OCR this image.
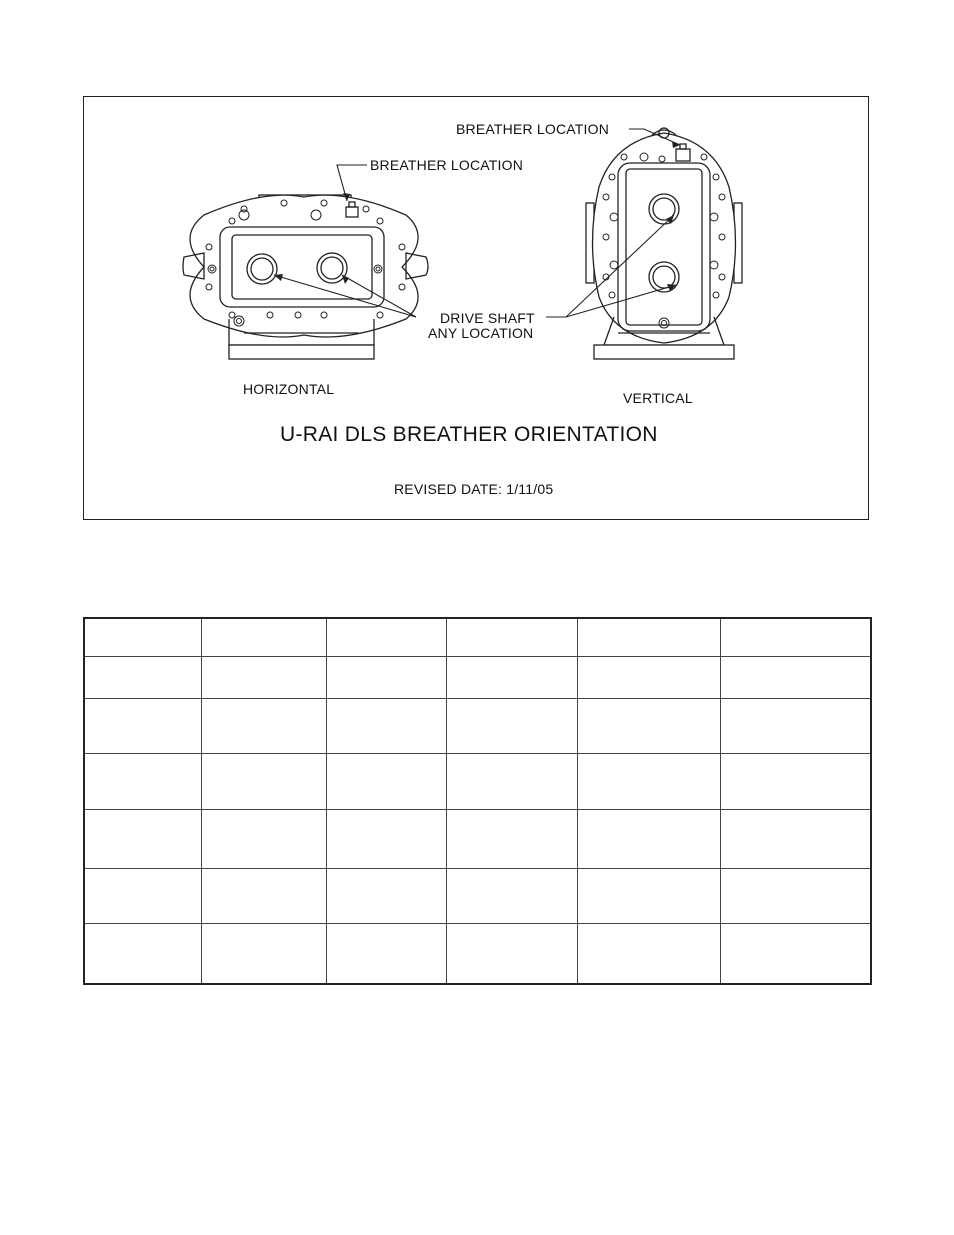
BREATHER LOCATION
BREATHER LOCATION
DRIVE SHAFT
ANY LOCATION
HORIZONTAL
VERTICAL
U-RAI DLS BREATHER ORIENTATION
REVISED DATE: 1/11/05
